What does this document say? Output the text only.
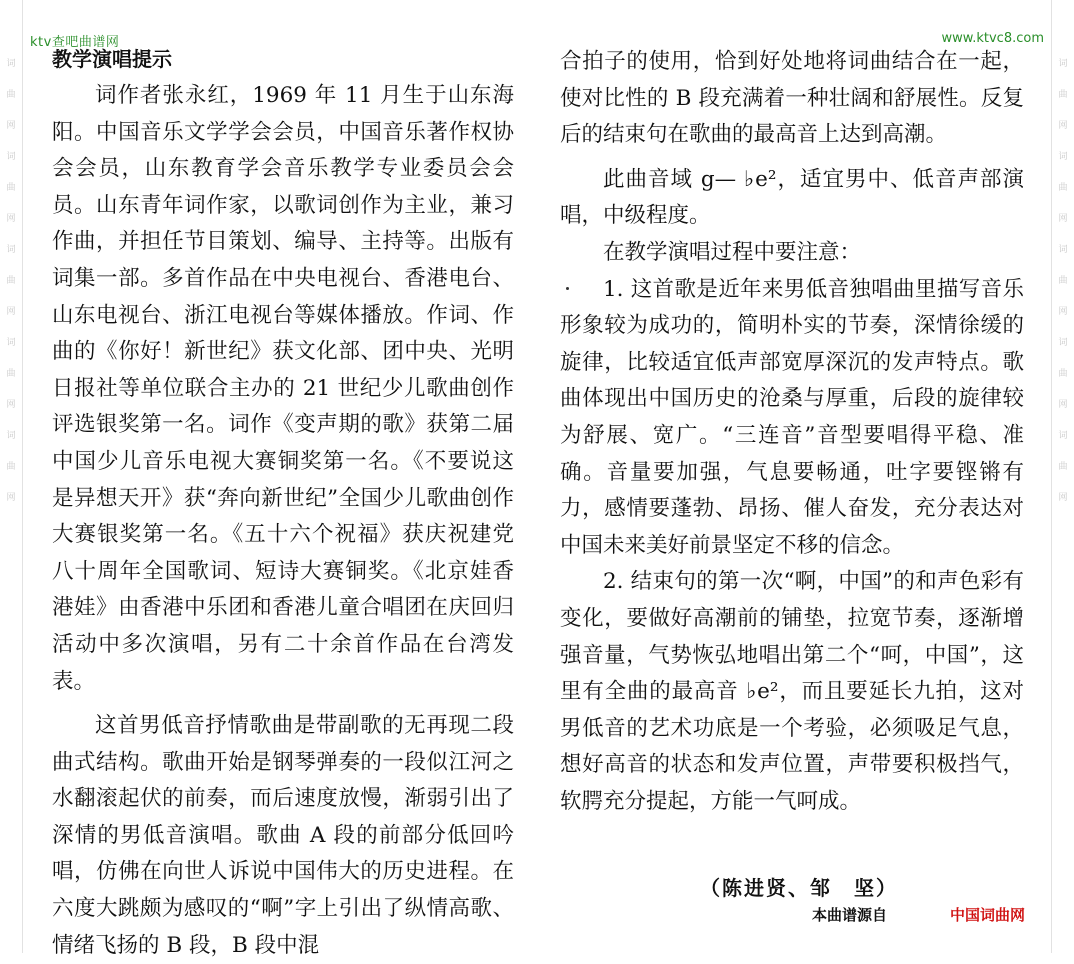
词
曲
网
词
曲
网
词
曲
网
词
曲
网
词
曲
网
词
曲
网
词
曲
网
词
曲
网
词
曲
网
词
曲
网
ktv查吧曲谱网	www.ktvc8.com

教学演唱提示

词作者张永红，1969 年 11 月生于山东海阳。中国音乐文学学会会员，中国音乐著作权协会会员，山东教育学会音乐教学专业委员会会员。山东青年词作家，以歌词创作为主业，兼习作曲，并担任节目策划、编导、主持等。出版有词集一部。多首作品在中央电视台、香港电台、山东电视台、浙江电视台等媒体播放。作词、作曲的《你好！新世纪》获文化部、团中央、光明日报社等单位联合主办的 21 世纪少儿歌曲创作评选银奖第一名。词作《变声期的歌》获第二届中国少儿音乐电视大赛铜奖第一名。《不要说这是异想天开》获“奔向新世纪”全国少儿歌曲创作大赛银奖第一名。《五十六个祝福》获庆祝建党八十周年全国歌词、短诗大赛铜奖。《北京娃香港娃》由香港中乐团和香港儿童合唱团在庆回归活动中多次演唱，另有二十余首作品在台湾发表。

这首男低音抒情歌曲是带副歌的无再现二段曲式结构。歌曲开始是钢琴弹奏的一段似江河之水翻滚起伏的前奏，而后速度放慢，渐弱引出了深情的男低音演唱。歌曲 A 段的前部分低回吟唱，仿佛在向世人诉说中国伟大的历史进程。在六度大跳颇为感叹的“啊”字上引出了纵情高歌、情绪飞扬的 B 段，B 段中混

合拍子的使用，恰到好处地将词曲结合在一起，使对比性的 B 段充满着一种壮阔和舒展性。反复后的结束句在歌曲的最高音上达到高潮。

此曲音域 g— ♭e²，适宜男中、低音声部演唱，中级程度。

在教学演唱过程中要注意：

1. 这首歌是近年来男低音独唱曲里描写音乐形象较为成功的，简明朴实的节奏，深情徐缓的旋律，比较适宜低声部宽厚深沉的发声特点。歌曲体现出中国历史的沧桑与厚重，后段的旋律较为舒展、宽广。“三连音”音型要唱得平稳、准确。音量要加强，气息要畅通，吐字要铿锵有力，感情要蓬勃、昂扬、催人奋发，充分表达对中国未来美好前景坚定不移的信念。

2. 结束句的第一次“啊，中国”的和声色彩有变化，要做好高潮前的铺垫，拉宽节奏，逐渐增强音量，气势恢弘地唱出第二个“呵，中国”，这里有全曲的最高音 ♭e²，而且要延长九拍，这对男低音的艺术功底是一个考验，必须吸足气息，想好高音的状态和发声位置，声带要积极挡气，软腭充分提起，方能一气呵成。

（陈进贤、邹　坚）
本曲谱源自	中国词曲网
